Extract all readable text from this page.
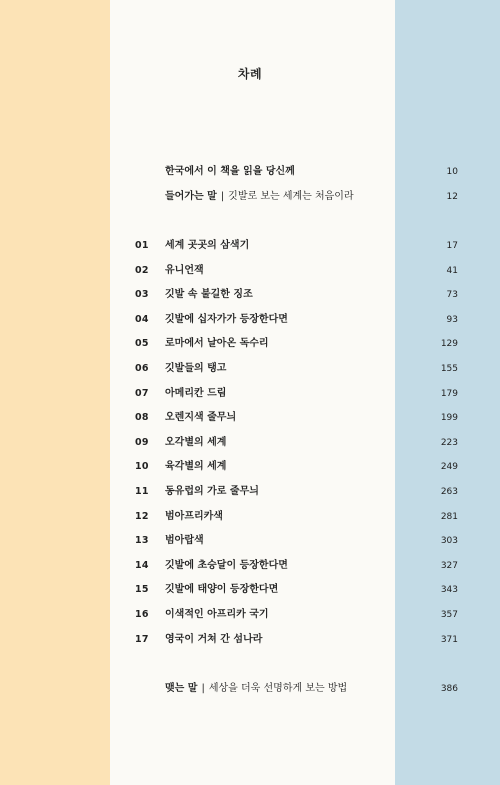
차례
한국에서 이 책을 읽을 당신께	10
들어가는 말 | 깃발로 보는 세계는 처음이라	12
01 세계 곳곳의 삼색기	17
02 유니언잭	41
03 깃발 속 불길한 징조	73
04 깃발에 십자가가 등장한다면	93
05 로마에서 날아온 독수리	129
06 깃발들의 탱고	155
07 아메리칸 드림	179
08 오렌지색 줄무늬	199
09 오각별의 세계	223
10 육각별의 세계	249
11 동유럽의 가로 줄무늬	263
12 범아프리카색	281
13 범아랍색	303
14 깃발에 초승달이 등장한다면	327
15 깃발에 태양이 등장한다면	343
16 이색적인 아프리카 국기	357
17 영국이 거쳐 간 섬나라	371
맺는 말 | 세상을 더욱 선명하게 보는 방법	386
